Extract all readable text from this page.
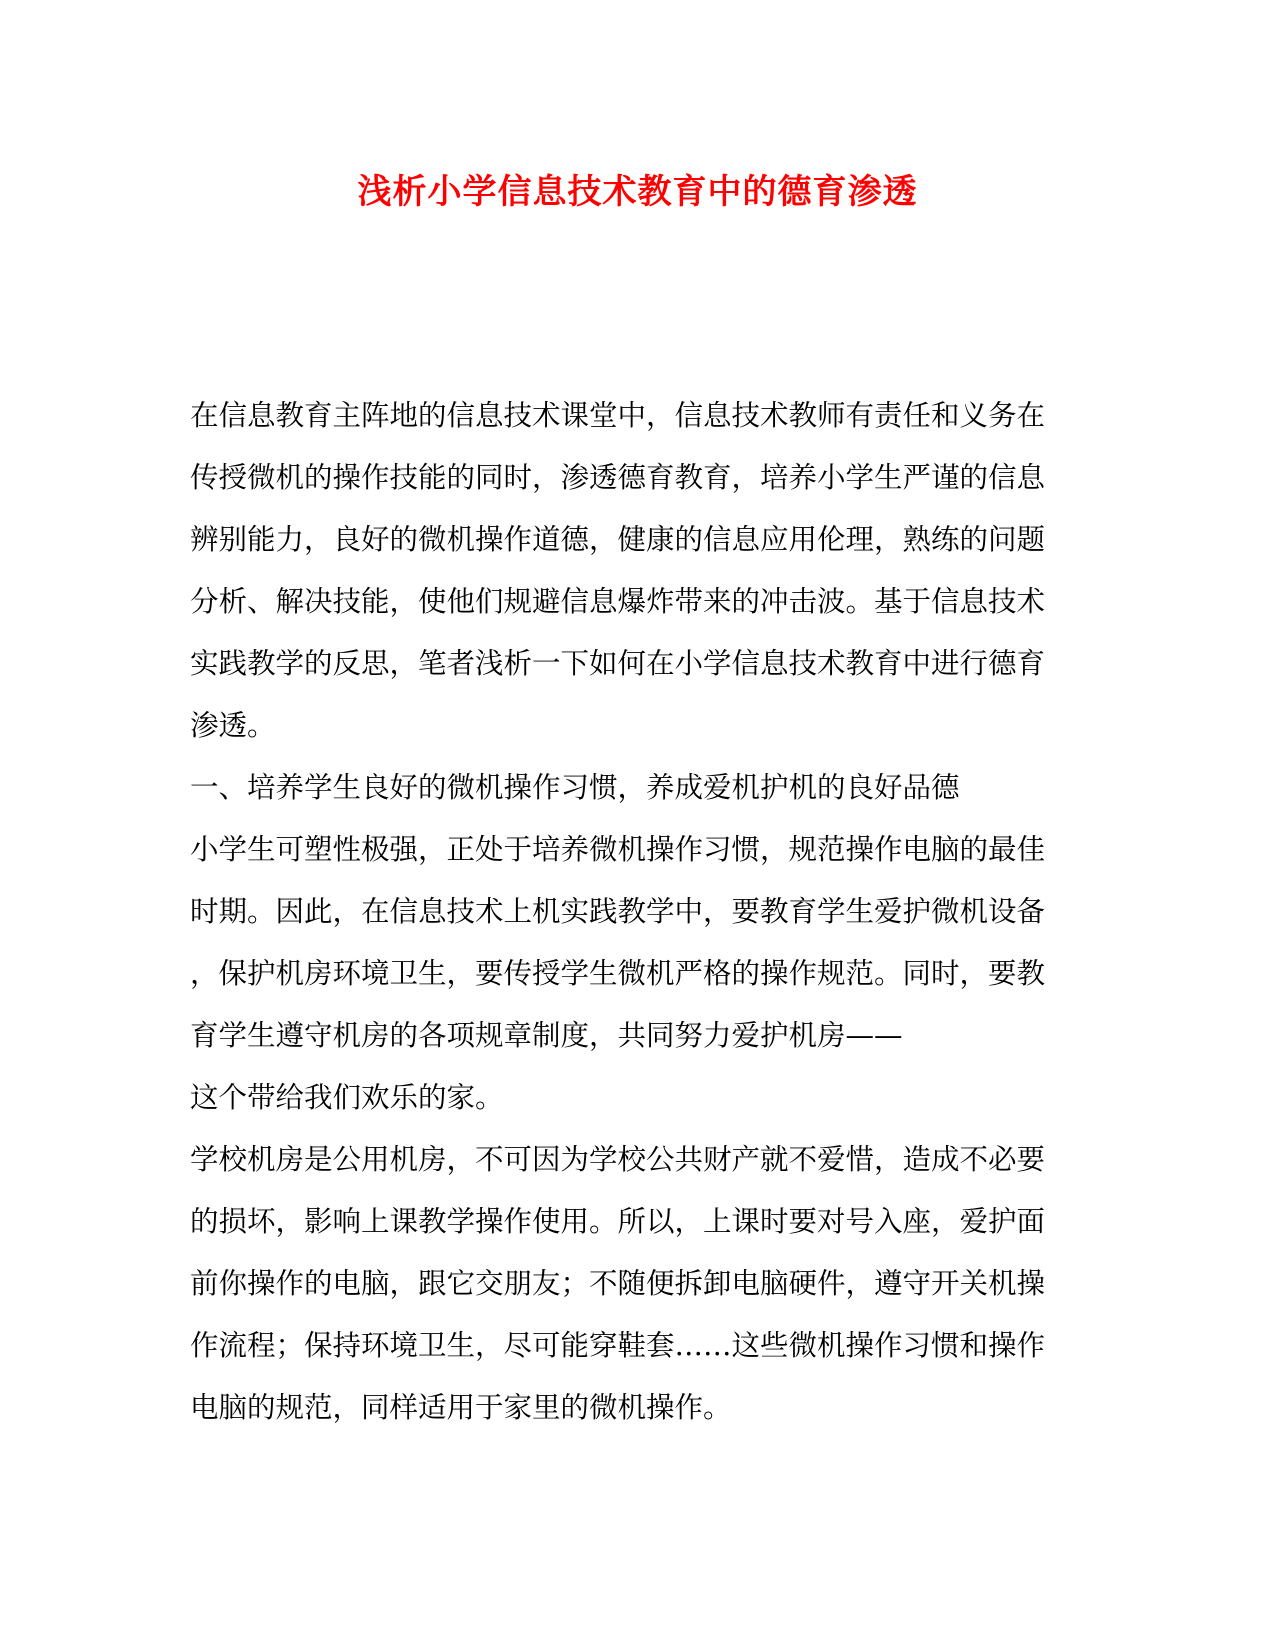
浅析小学信息技术教育中的德育渗透
在信息教育主阵地的信息技术课堂中，信息技术教师有责任和义务在
传授微机的操作技能的同时，渗透德育教育，培养小学生严谨的信息
辨别能力，良好的微机操作道德，健康的信息应用伦理，熟练的问题
分析、解决技能，使他们规避信息爆炸带来的冲击波。基于信息技术
实践教学的反思，笔者浅析一下如何在小学信息技术教育中进行德育
渗透。
一、培养学生良好的微机操作习惯，养成爱机护机的良好品德
小学生可塑性极强，正处于培养微机操作习惯，规范操作电脑的最佳
时期。因此，在信息技术上机实践教学中，要教育学生爱护微机设备
，保护机房环境卫生，要传授学生微机严格的操作规范。同时，要教
育学生遵守机房的各项规章制度，共同努力爱护机房——
这个带给我们欢乐的家。
学校机房是公用机房，不可因为学校公共财产就不爱惜，造成不必要
的损坏，影响上课教学操作使用。所以，上课时要对号入座，爱护面
前你操作的电脑，跟它交朋友；不随便拆卸电脑硬件，遵守开关机操
作流程；保持环境卫生，尽可能穿鞋套……这些微机操作习惯和操作
电脑的规范，同样适用于家里的微机操作。
